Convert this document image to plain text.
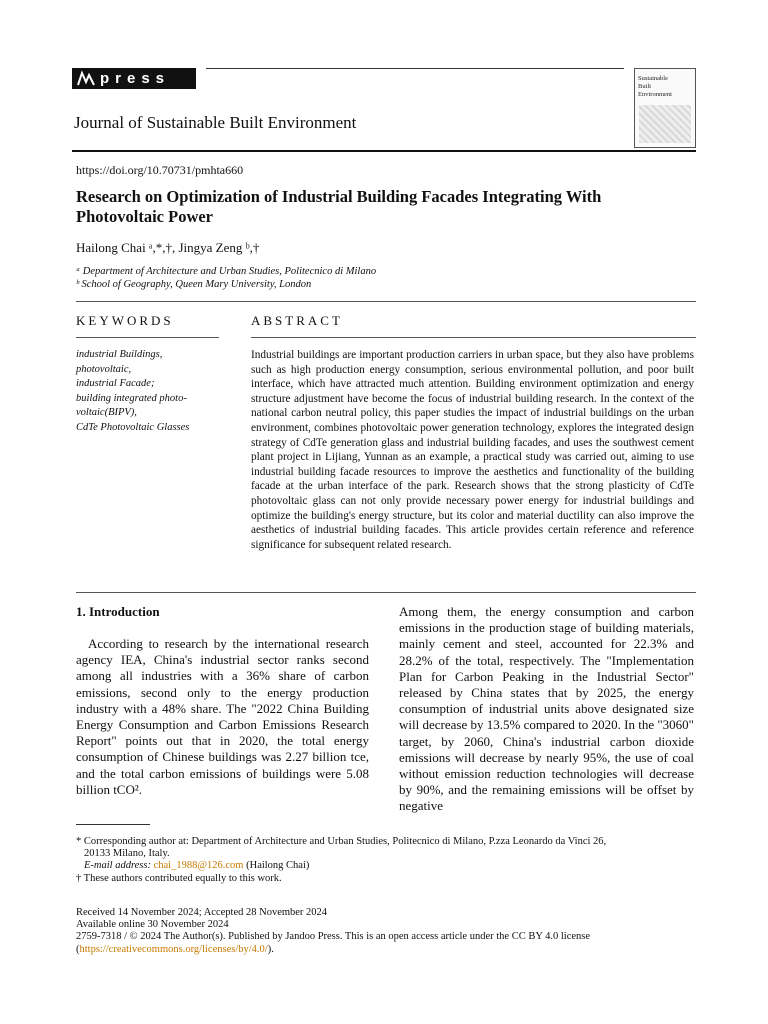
press
Journal of Sustainable Built Environment
Sustainable
Built
Environment
https://doi.org/10.70731/pmhta660
Research on Optimization of Industrial Building Facades Integrating With Photovoltaic Power
Hailong Chai ᵃ,*,†, Jingya Zeng ᵇ,†
ᵃ Department of Architecture and Urban Studies, Politecnico di Milano
ᵇ School of Geography, Queen Mary University, London
KEYWORDS	ABSTRACT
industrial Buildings,
photovoltaic,
industrial Facade;
building integrated photo-
voltaic(BIPV),
CdTe Photovoltaic Glasses
Industrial buildings are important production carriers in urban space, but they also have problems such as high production energy consumption, serious environmental pollution, and poor built interface, which have attracted much attention. Building environment optimization and energy structure adjustment have become the focus of industrial building research. In the context of the national carbon neutral policy, this paper studies the impact of industrial buildings on the urban environment, combines photovoltaic power generation technology, explores the integrated design strategy of CdTe generation glass and industrial building facades, and uses the southwest cement plant project in Lijiang, Yunnan as an example, a practical study was carried out, aiming to use industrial building facade resources to improve the aesthetics and functionality of the building facade at the urban interface of the park. Research shows that the strong plasticity of CdTe photovoltaic glass can not only provide necessary power energy for industrial buildings and optimize the building's energy structure, but its color and material ductility can also improve the aesthetics of industrial building facades. This article provides certain reference and reference significance for subsequent related research.
1. Introduction
According to research by the international research agency IEA, China's industrial sector ranks second among all industries with a 36% share of carbon emissions, second only to the energy production industry with a 48% share. The "2022 China Building Energy Consumption and Carbon Emissions Research Report" points out that in 2020, the total energy consumption of Chinese buildings was 2.27 billion tce, and the total carbon emissions of buildings were 5.08 billion tCO².
Among them, the energy consumption and carbon emissions in the production stage of building materials, mainly cement and steel, accounted for 22.3% and 28.2% of the total, respectively. The "Implementation Plan for Carbon Peaking in the Industrial Sector" released by China states that by 2025, the energy consumption of industrial units above designated size will decrease by 13.5% compared to 2020. In the "3060" target, by 2060, China's industrial carbon dioxide emissions will decrease by nearly 95%, the use of coal without emission reduction technologies will decrease by 90%, and the remaining emissions will be offset by negative
* Corresponding author at: Department of Architecture and Urban Studies, Politecnico di Milano, P.zza Leonardo da Vinci 26,
20133 Milano, Italy.
E-mail address: chai_1988@126.com (Hailong Chai)
† These authors contributed equally to this work.
Received 14 November 2024; Accepted 28 November 2024
Available online 30 November 2024
2759-7318 / © 2024 The Author(s). Published by Jandoo Press. This is an open access article under the CC BY 4.0 license (https://creativecommons.org/licenses/by/4.0/).
